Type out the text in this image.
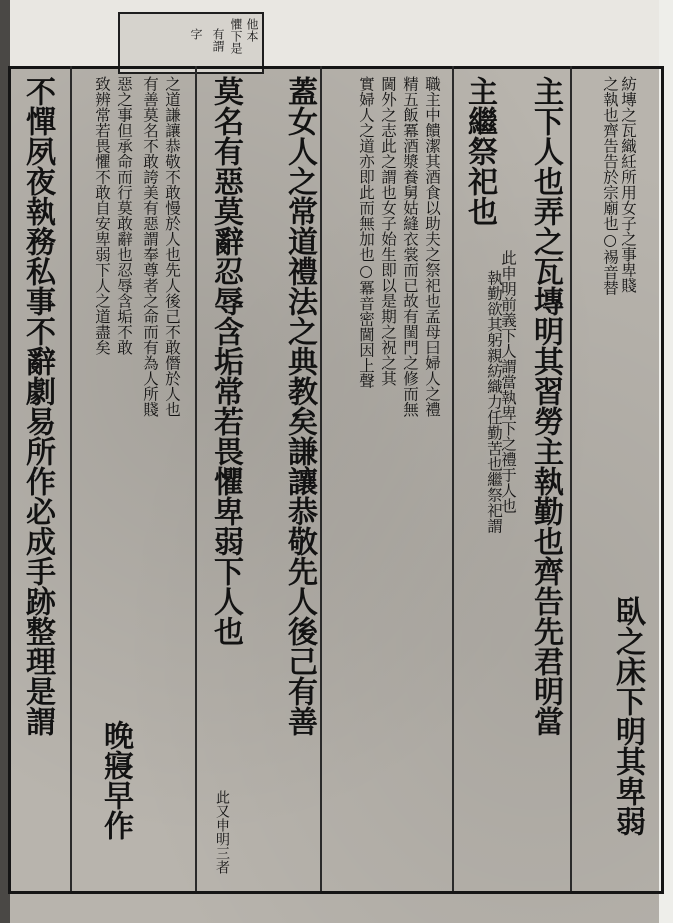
他本
懼下是
有謂
字
紡塼之瓦織紝所用女子之事卑賤
之執也齊告告於宗廟也○裼音替
臥之床下明其卑弱
主下人也弄之瓦塼明其習勞主執勤也齊告先君明當
執勤欲其躬親紡織力任勤苦也繼祭祀謂
此申明前義下人謂當執卑下之禮于人也
主繼祭祀也
精五飯冪酒漿養舅姑縫衣裳而已故有閨門之修而無 職主中饋潔其酒食以助夫之祭祀也孟母曰婦人之禮
閫外之志此之謂也女子始生即以是期之祝之其
實婦人之道亦即此而無加也○冪音密閫因上聲
蓋女人之常道禮法之典教矣謙讓恭敬先人後己有善
莫名有惡莫辭忍辱含垢常若畏懼卑弱下人也
此又申明三者
之道謙讓恭敬不敢慢於人也先人後己不敢僭於人也
有善莫名不敢誇美有惡謂奉尊者之命而有為人所賤
惡之事但承命而行莫敢辭也忍辱含垢不敢
致辨常若畏懼不敢自安卑弱下人之道盡矣
晚寢早作
不憚夙夜執務私事不辭劇易所作必成手跡整理是謂
